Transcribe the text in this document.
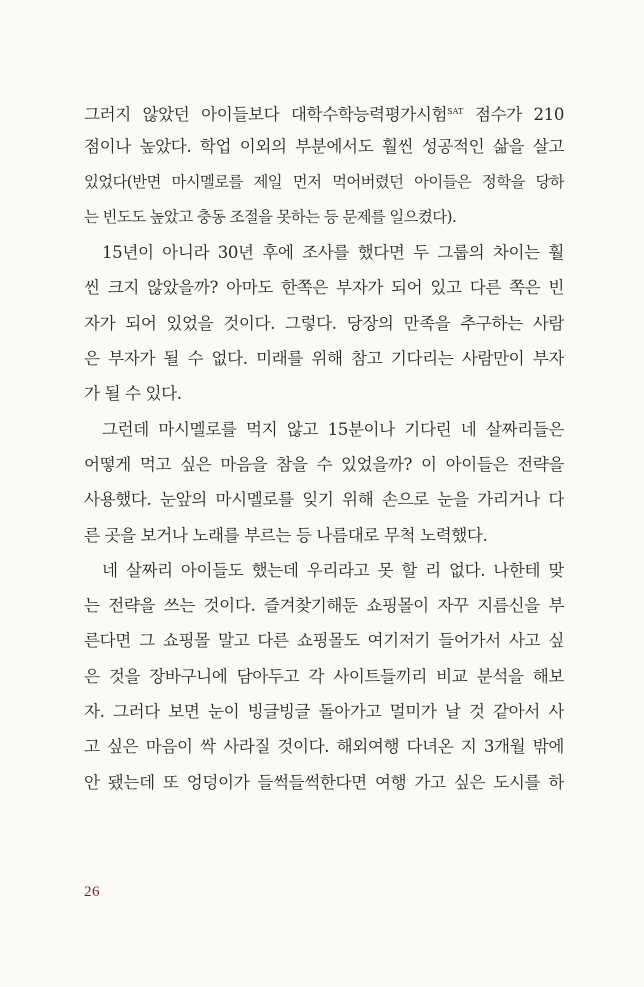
그러지 않았던 아이들보다 대학수학능력평가시험$^{SAT}$ 점수가 210
점이나 높았다. 학업 이외의 부분에서도 훨씬 성공적인 삶을 살고
있었다(반면 마시멜로를 제일 먼저 먹어버렸던 아이들은 정학을 당하
는 빈도도 높았고 충동 조절을 못하는 등 문제를 일으켰다).
15년이 아니라 30년 후에 조사를 했다면 두 그룹의 차이는 훨
씬 크지 않았을까? 아마도 한쪽은 부자가 되어 있고 다른 쪽은 빈
자가 되어 있었을 것이다. 그렇다. 당장의 만족을 추구하는 사람
은 부자가 될 수 없다. 미래를 위해 참고 기다리는 사람만이 부자
가 될 수 있다.
그런데 마시멜로를 먹지 않고 15분이나 기다린 네 살짜리들은
어떻게 먹고 싶은 마음을 참을 수 있었을까? 이 아이들은 전략을
사용했다. 눈앞의 마시멜로를 잊기 위해 손으로 눈을 가리거나 다
른 곳을 보거나 노래를 부르는 등 나름대로 무척 노력했다.
네 살짜리 아이들도 했는데 우리라고 못 할 리 없다. 나한테 맞
는 전략을 쓰는 것이다. 즐겨찾기해둔 쇼핑몰이 자꾸 지름신을 부
른다면 그 쇼핑몰 말고 다른 쇼핑몰도 여기저기 들어가서 사고 싶
은 것을 장바구니에 담아두고 각 사이트들끼리 비교 분석을 해보
자. 그러다 보면 눈이 빙글빙글 돌아가고 멀미가 날 것 같아서 사
고 싶은 마음이 싹 사라질 것이다. 해외여행 다녀온 지 3개월 밖에
안 됐는데 또 엉덩이가 들썩들썩한다면 여행 가고 싶은 도시를 하
26
